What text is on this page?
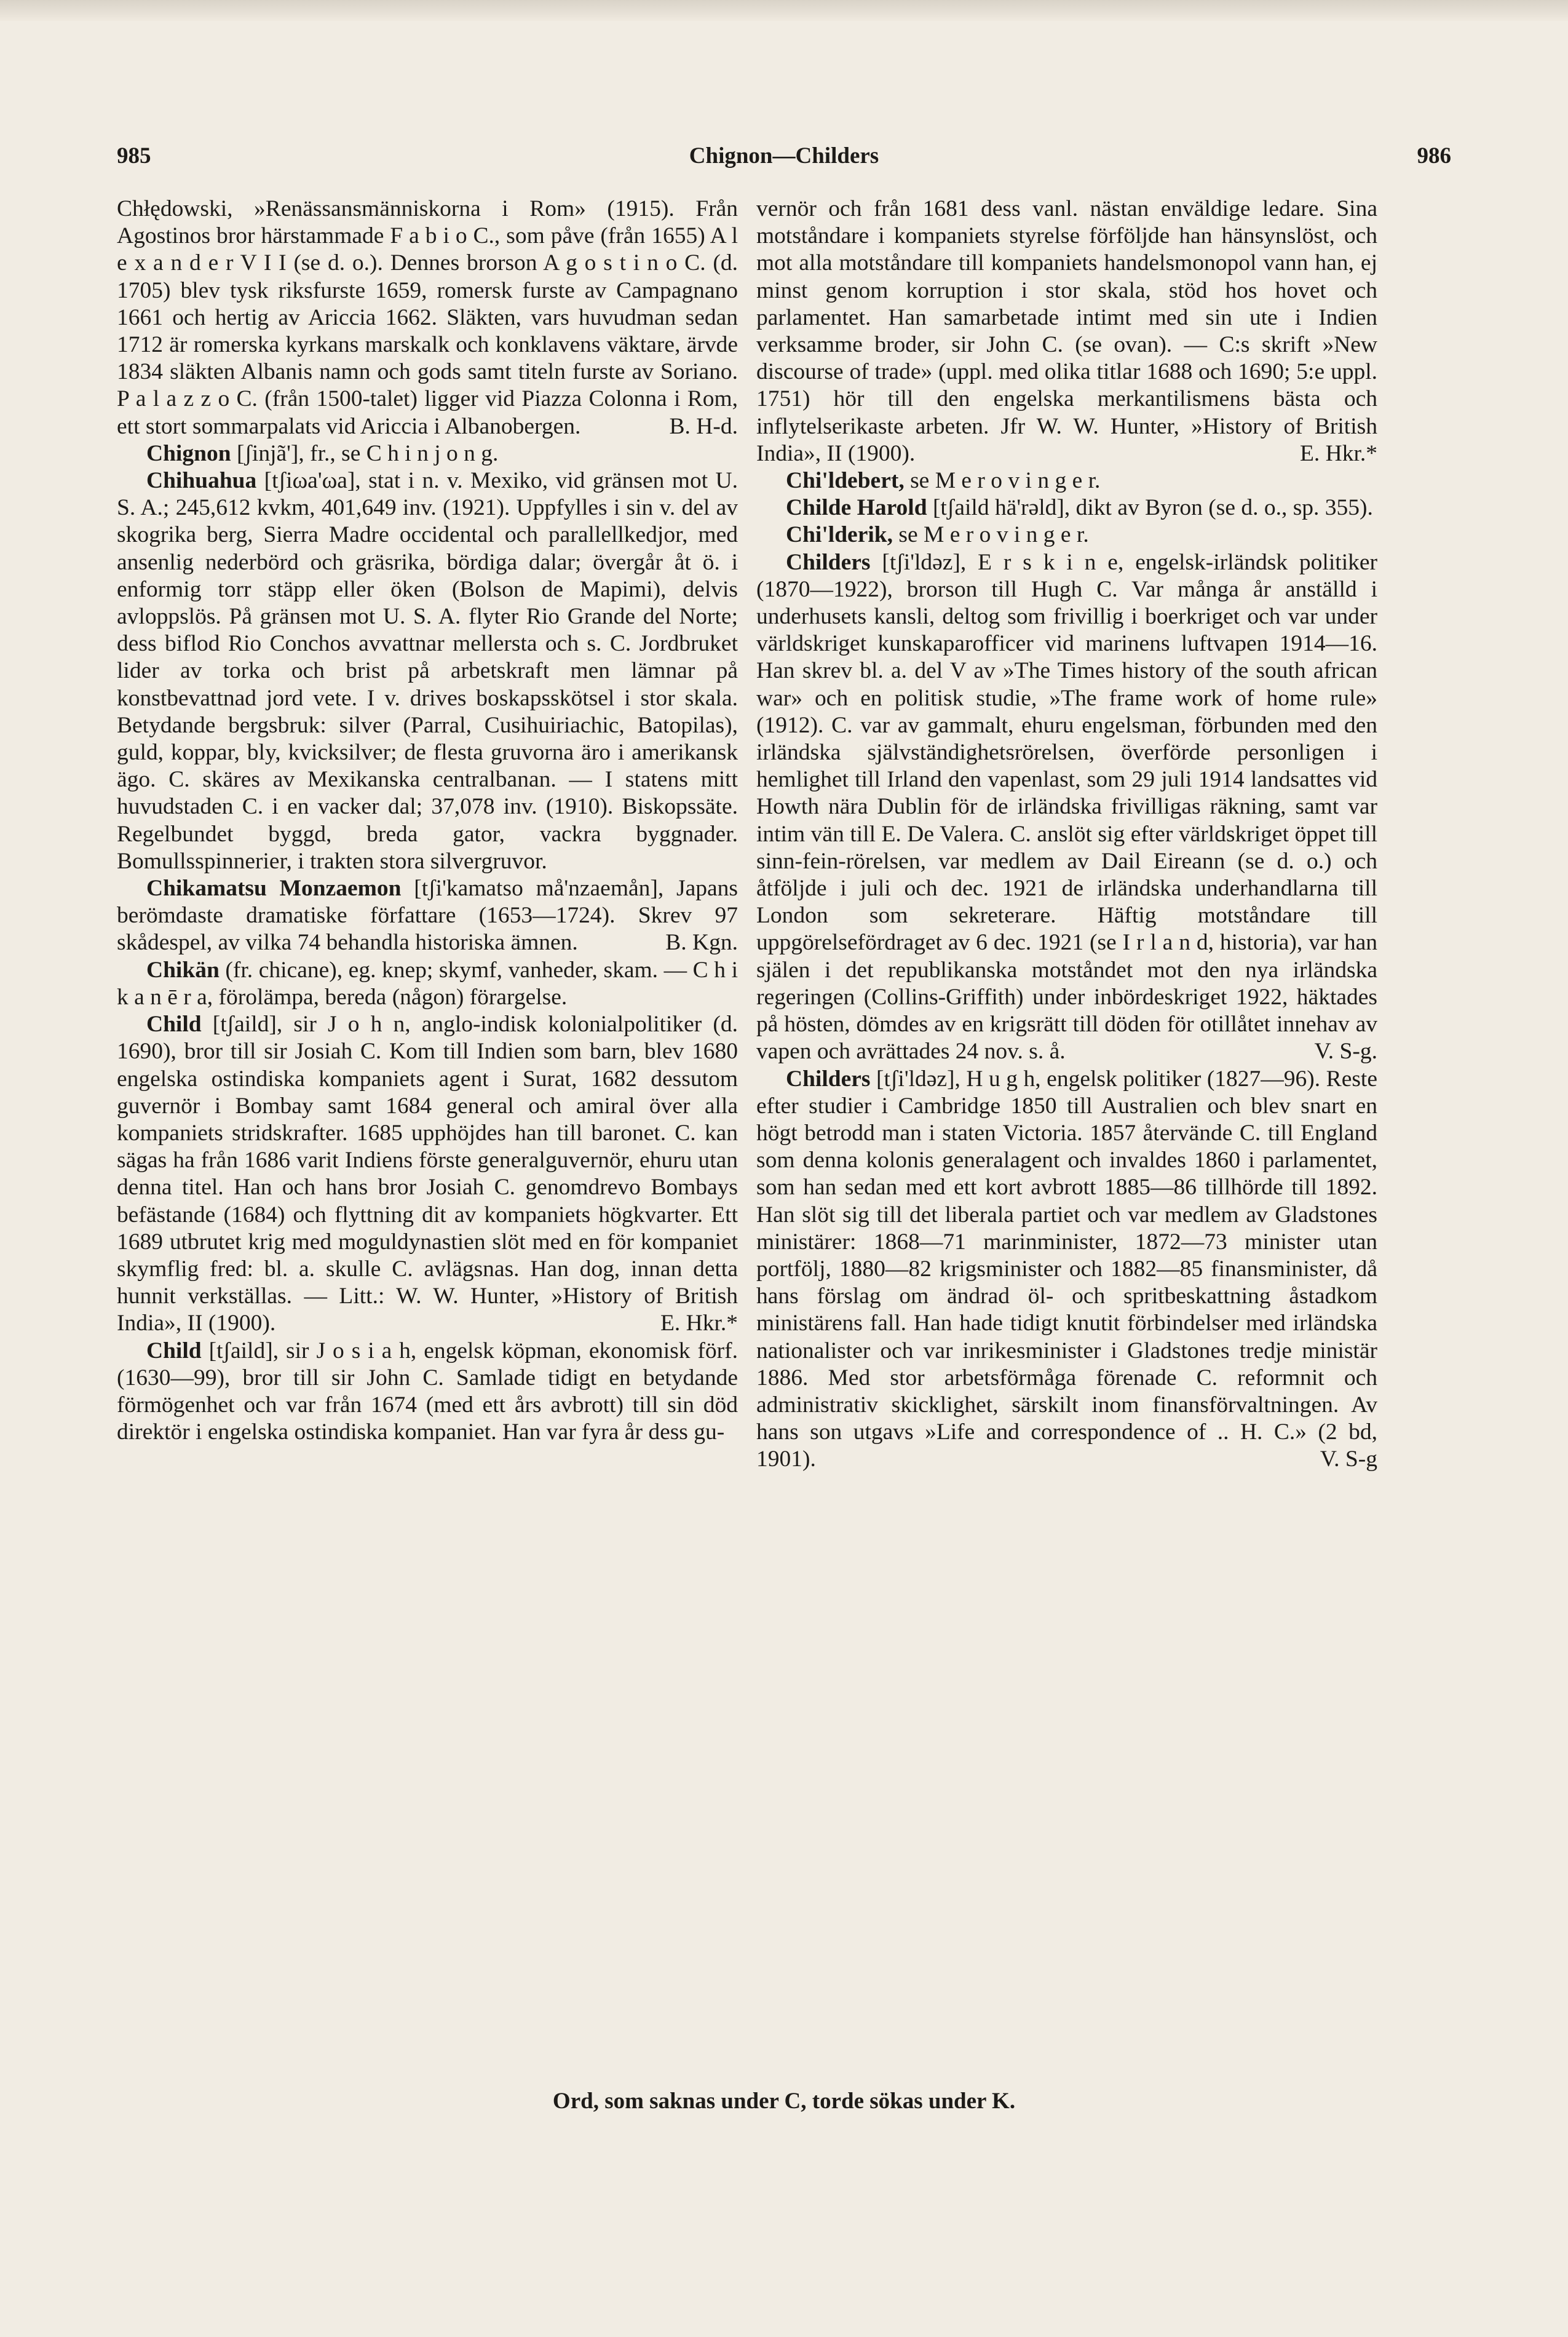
985	Chignon—Childers	986

Chłędowski, »Renässansmänniskorna i Rom» (1915). Från Agostinos bror härstammade F a b i o C., som påve (från 1655) A l e x a n d e r V I I (se d. o.). Dennes brorson A g o s t i n o C. (d. 1705) blev tysk riksfurste 1659, romersk furste av Campagnano 1661 och hertig av Ariccia 1662. Släkten, vars huvudman sedan 1712 är romerska kyrkans marskalk och konklavens väktare, ärvde 1834 släkten Albanis namn och gods samt titeln furste av Soriano. P a l a z z o C. (från 1500-talet) ligger vid Piazza Colonna i Rom, ett stort sommarpalats vid Ariccia i Albanobergen.	B. H-d.

Chignon [ʃinjã'], fr., se C h i n j o n g.

Chihuahua [tʃiωa'ωa], stat i n. v. Mexiko, vid gränsen mot U. S. A.; 245,612 kvkm, 401,649 inv. (1921). Uppfylles i sin v. del av skogrika berg, Sierra Madre occidental och parallellkedjor, med ansenlig nederbörd och gräsrika, bördiga dalar; övergår åt ö. i enformig torr stäpp eller öken (Bolson de Mapimi), delvis avloppslös. På gränsen mot U. S. A. flyter Rio Grande del Norte; dess biflod Rio Conchos avvattnar mellersta och s. C. Jordbruket lider av torka och brist på arbetskraft men lämnar på konstbevattnad jord vete. I v. drives boskapsskötsel i stor skala. Betydande bergsbruk: silver (Parral, Cusihuiriachic, Batopilas), guld, koppar, bly, kvicksilver; de flesta gruvorna äro i amerikansk ägo. C. skäres av Mexikanska centralbanan. — I statens mitt huvudstaden C. i en vacker dal; 37,078 inv. (1910). Biskopssäte. Regelbundet byggd, breda gator, vackra byggnader. Bomullsspinnerier, i trakten stora silvergruvor.

Chikamatsu Monzaemon [tʃi'kamatso må'nzaemån], Japans berömdaste dramatiske författare (1653—1724). Skrev 97 skådespel, av vilka 74 behandla historiska ämnen.	B. Kgn.

Chikän (fr. chicane), eg. knep; skymf, vanheder, skam. — C h i k a n ē r a, förolämpa, bereda (någon) förargelse.

Child [tʃaild], sir J o h n, anglo-indisk kolonialpolitiker (d. 1690), bror till sir Josiah C. Kom till Indien som barn, blev 1680 engelska ostindiska kompaniets agent i Surat, 1682 dessutom guvernör i Bombay samt 1684 general och amiral över alla kompaniets stridskrafter. 1685 upphöjdes han till baronet. C. kan sägas ha från 1686 varit Indiens förste generalguvernör, ehuru utan denna titel. Han och hans bror Josiah C. genomdrevo Bombays befästande (1684) och flyttning dit av kompaniets högkvarter. Ett 1689 utbrutet krig med moguldynastien slöt med en för kompaniet skymflig fred: bl. a. skulle C. avlägsnas. Han dog, innan detta hunnit verkställas. — Litt.: W. W. Hunter, »History of British India», II (1900).	E. Hkr.*

Child [tʃaild], sir J o s i a h, engelsk köpman, ekonomisk förf. (1630—99), bror till sir John C. Samlade tidigt en betydande förmögenhet och var från 1674 (med ett års avbrott) till sin död direktör i engelska ostindiska kompaniet. Han var fyra år dess gu-

vernör och från 1681 dess vanl. nästan enväldige ledare. Sina motståndare i kompaniets styrelse förföljde han hänsynslöst, och mot alla motståndare till kompaniets handelsmonopol vann han, ej minst genom korruption i stor skala, stöd hos hovet och parlamentet. Han samarbetade intimt med sin ute i Indien verksamme broder, sir John C. (se ovan). — C:s skrift »New discourse of trade» (uppl. med olika titlar 1688 och 1690; 5:e uppl. 1751) hör till den engelska merkantilismens bästa och inflytelserikaste arbeten. Jfr W. W. Hunter, »History of British India», II (1900).	E. Hkr.*

Chi'ldebert, se M e r o v i n g e r.

Childe Harold [tʃaild hä'rəld], dikt av Byron (se d. o., sp. 355).

Chi'lderik, se M e r o v i n g e r.

Childers [tʃi'ldəz], E r s k i n e, engelsk-irländsk politiker (1870—1922), brorson till Hugh C. Var många år anställd i underhusets kansli, deltog som frivillig i boerkriget och var under världskriget kunskaparofficer vid marinens luftvapen 1914—16. Han skrev bl. a. del V av »The Times history of the south african war» och en politisk studie, »The frame work of home rule» (1912). C. var av gammalt, ehuru engelsman, förbunden med den irländska självständighetsrörelsen, överförde personligen i hemlighet till Irland den vapenlast, som 29 juli 1914 landsattes vid Howth nära Dublin för de irländska frivilligas räkning, samt var intim vän till E. De Valera. C. anslöt sig efter världskriget öppet till sinn-fein-rörelsen, var medlem av Dail Eireann (se d. o.) och åtföljde i juli och dec. 1921 de irländska underhandlarna till London som sekreterare. Häftig motståndare till uppgörelsefördraget av 6 dec. 1921 (se I r l a n d, historia), var han själen i det republikanska motståndet mot den nya irländska regeringen (Collins-Griffith) under inbördeskriget 1922, häktades på hösten, dömdes av en krigsrätt till döden för otillåtet innehav av vapen och avrättades 24 nov. s. å.	V. S-g.

Childers [tʃi'ldəz], H u g h, engelsk politiker (1827—96). Reste efter studier i Cambridge 1850 till Australien och blev snart en högt betrodd man i staten Victoria. 1857 återvände C. till England som denna kolonis generalagent och invaldes 1860 i parlamentet, som han sedan med ett kort avbrott 1885—86 tillhörde till 1892. Han slöt sig till det liberala partiet och var medlem av Gladstones ministärer: 1868—71 marinminister, 1872—73 minister utan portfölj, 1880—82 krigsminister och 1882—85 finansminister, då hans förslag om ändrad öl- och spritbeskattning åstadkom ministärens fall. Han hade tidigt knutit förbindelser med irländska nationalister och var inrikesminister i Gladstones tredje ministär 1886. Med stor arbetsförmåga förenade C. reformnit och administrativ skicklighet, särskilt inom finansförvaltningen. Av hans son utgavs »Life and correspondence of .. H. C.» (2 bd, 1901).	V. S-g

Ord, som saknas under C, torde sökas under K.
